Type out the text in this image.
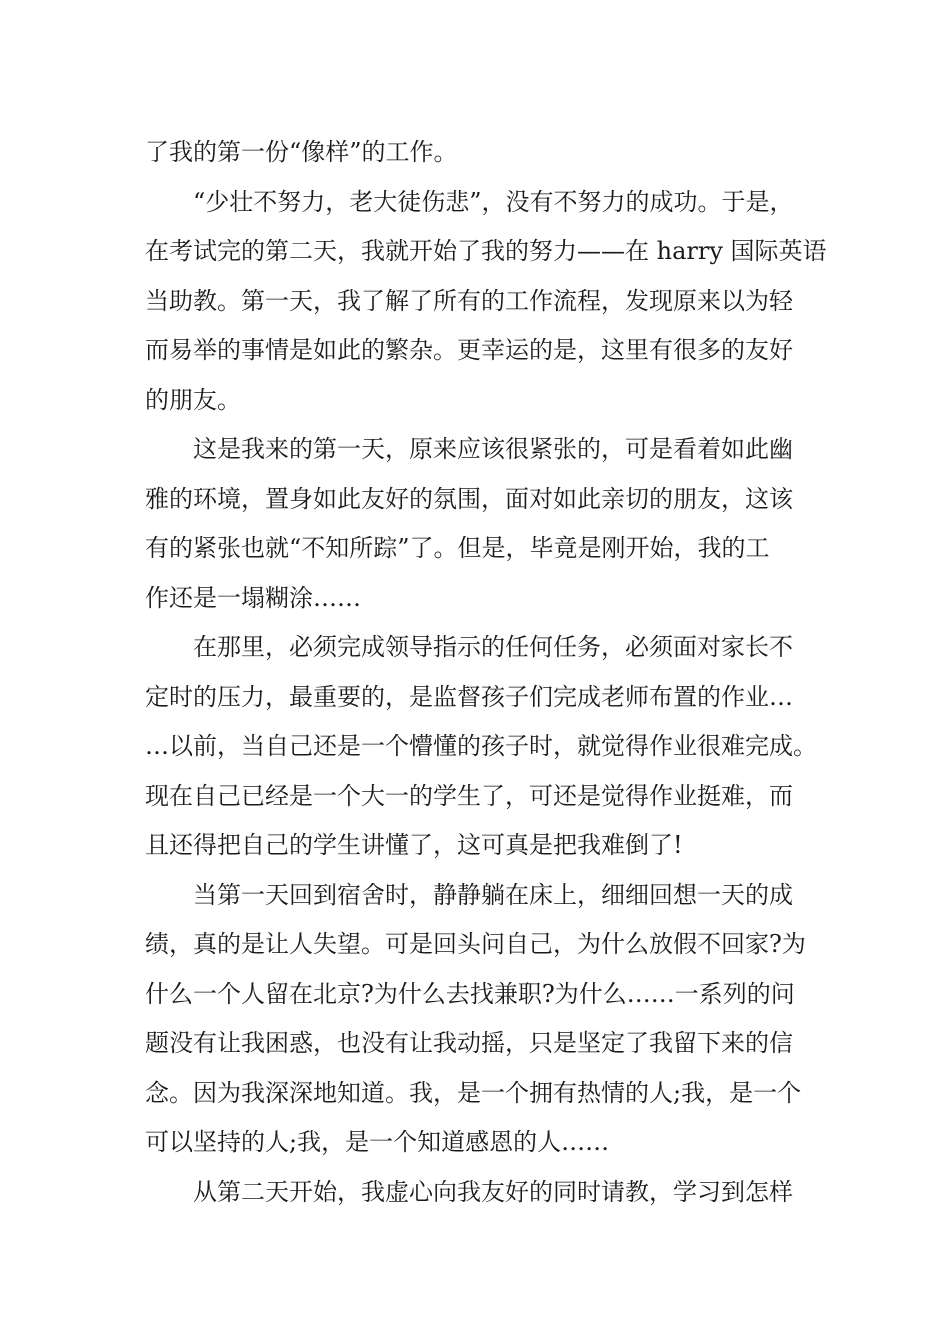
了我的第一份“像样”的工作。
“少壮不努力，老大徒伤悲”，没有不努力的成功。于是，
在考试完的第二天，我就开始了我的努力——在 harry 国际英语
当助教。第一天，我了解了所有的工作流程，发现原来以为轻
而易举的事情是如此的繁杂。更幸运的是，这里有很多的友好
的朋友。
这是我来的第一天，原来应该很紧张的，可是看着如此幽
雅的环境，置身如此友好的氛围，面对如此亲切的朋友，这该
有的紧张也就“不知所踪”了。但是，毕竟是刚开始，我的工
作还是一塌糊涂……
在那里，必须完成领导指示的任何任务，必须面对家长不
定时的压力，最重要的，是监督孩子们完成老师布置的作业…
…以前，当自己还是一个懵懂的孩子时，就觉得作业很难完成。
现在自己已经是一个大一的学生了，可还是觉得作业挺难，而
且还得把自己的学生讲懂了，这可真是把我难倒了!
当第一天回到宿舍时，静静躺在床上，细细回想一天的成
绩，真的是让人失望。可是回头问自己，为什么放假不回家?为
什么一个人留在北京?为什么去找兼职?为什么……一系列的问
题没有让我困惑，也没有让我动摇，只是坚定了我留下来的信
念。因为我深深地知道。我，是一个拥有热情的人;我，是一个
可以坚持的人;我，是一个知道感恩的人……
从第二天开始，我虚心向我友好的同时请教，学习到怎样
